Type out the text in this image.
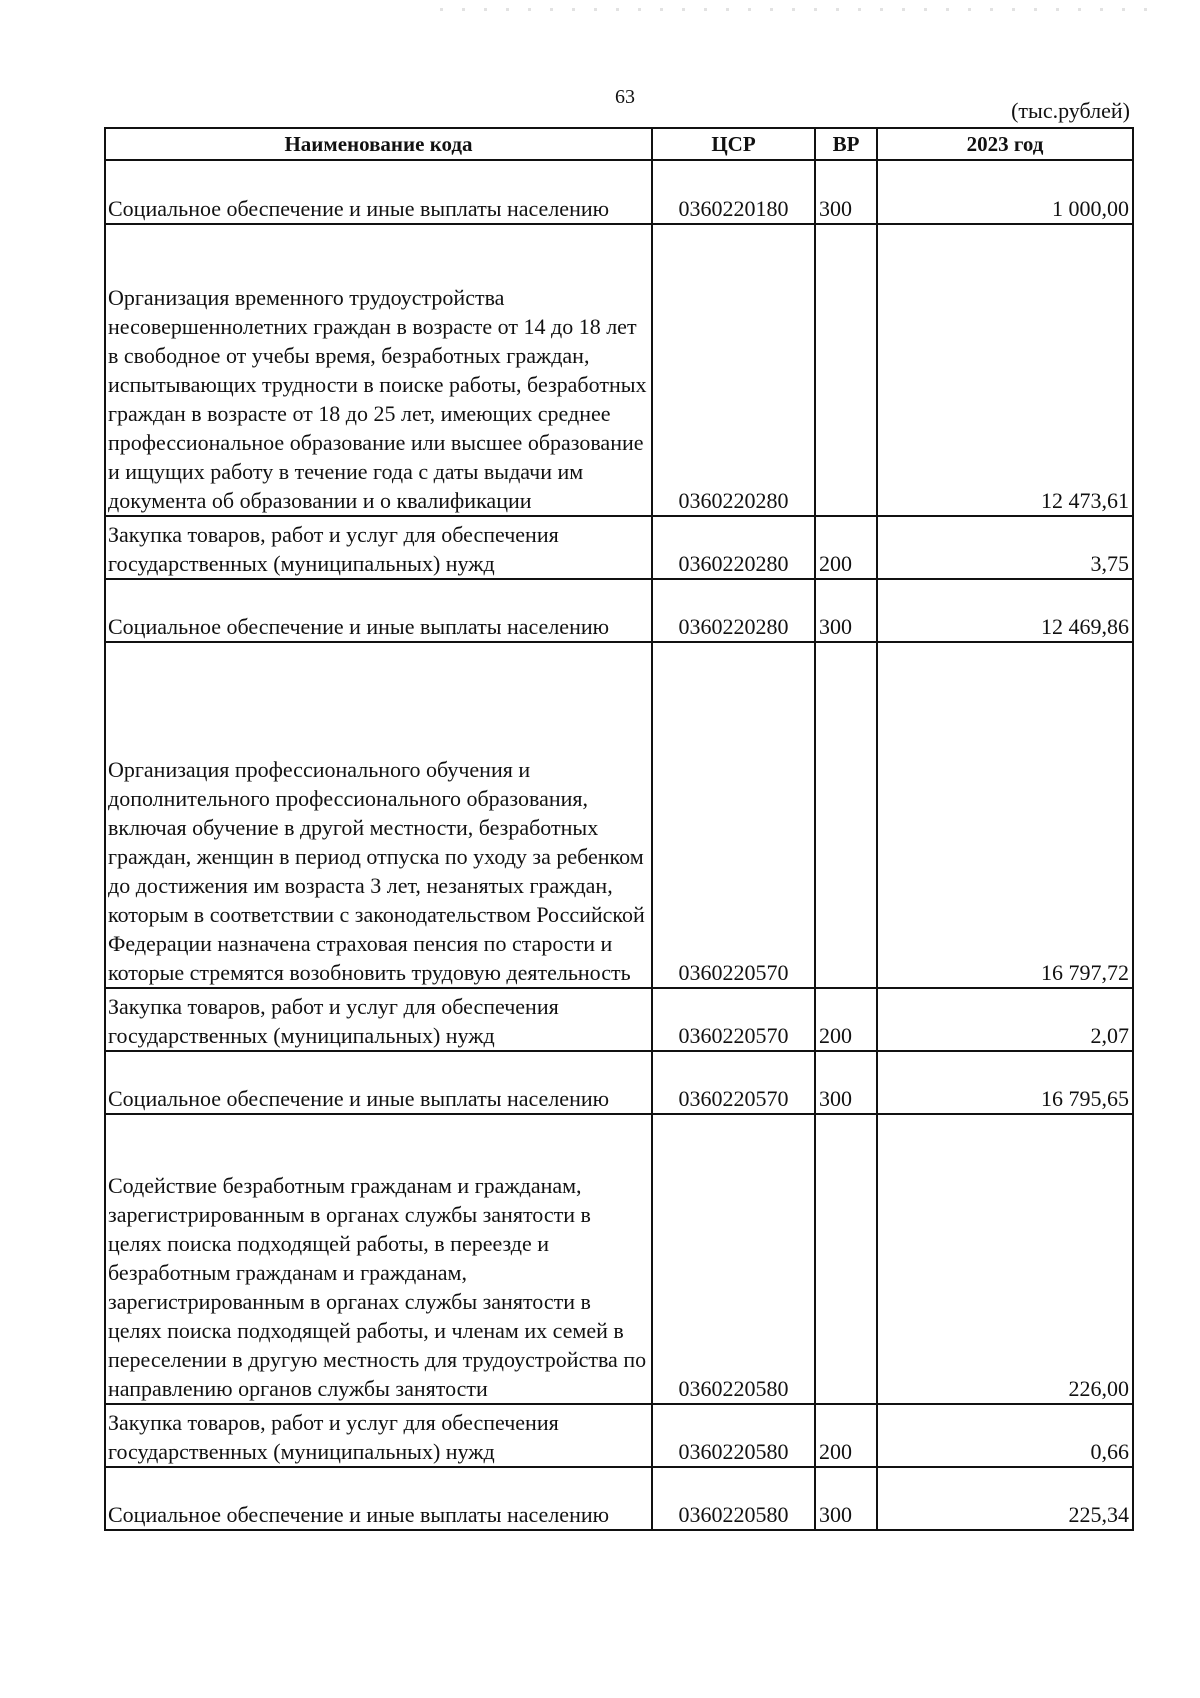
63
(тыс.рублей)
Наименование кода	ЦСР	ВР	2023 год
Социальное обеспечение и иные выплаты населению	0360220180	300	1 000,00
Организация временного трудоустройства несовершеннолетних граждан в возрасте от 14 до 18 лет в свободное от учебы время, безработных граждан, испытывающих трудности в поиске работы, безработных граждан в возрасте от 18 до 25 лет, имеющих среднее профессиональное образование или высшее образование и ищущих работу в течение года с даты выдачи им документа об образовании и о квалификации	0360220280		12 473,61
Закупка товаров, работ и услуг для обеспечения государственных (муниципальных) нужд	0360220280	200	3,75
Социальное обеспечение и иные выплаты населению	0360220280	300	12 469,86
Организация профессионального обучения и дополнительного профессионального образования, включая обучение в другой местности, безработных граждан, женщин в период отпуска по уходу за ребенком до достижения им возраста 3 лет, незанятых граждан, которым в соответствии с законодательством Российской Федерации назначена страховая пенсия по старости и которые стремятся возобновить трудовую деятельность	0360220570		16 797,72
Закупка товаров, работ и услуг для обеспечения государственных (муниципальных) нужд	0360220570	200	2,07
Социальное обеспечение и иные выплаты населению	0360220570	300	16 795,65
Содействие безработным гражданам и гражданам, зарегистрированным в органах службы занятости в целях поиска подходящей работы, в переезде и безработным гражданам и гражданам, зарегистрированным в органах службы занятости в целях поиска подходящей работы, и членам их семей в переселении в другую местность для трудоустройства по направлению органов службы занятости	0360220580		226,00
Закупка товаров, работ и услуг для обеспечения государственных (муниципальных) нужд	0360220580	200	0,66
Социальное обеспечение и иные выплаты населению	0360220580	300	225,34
